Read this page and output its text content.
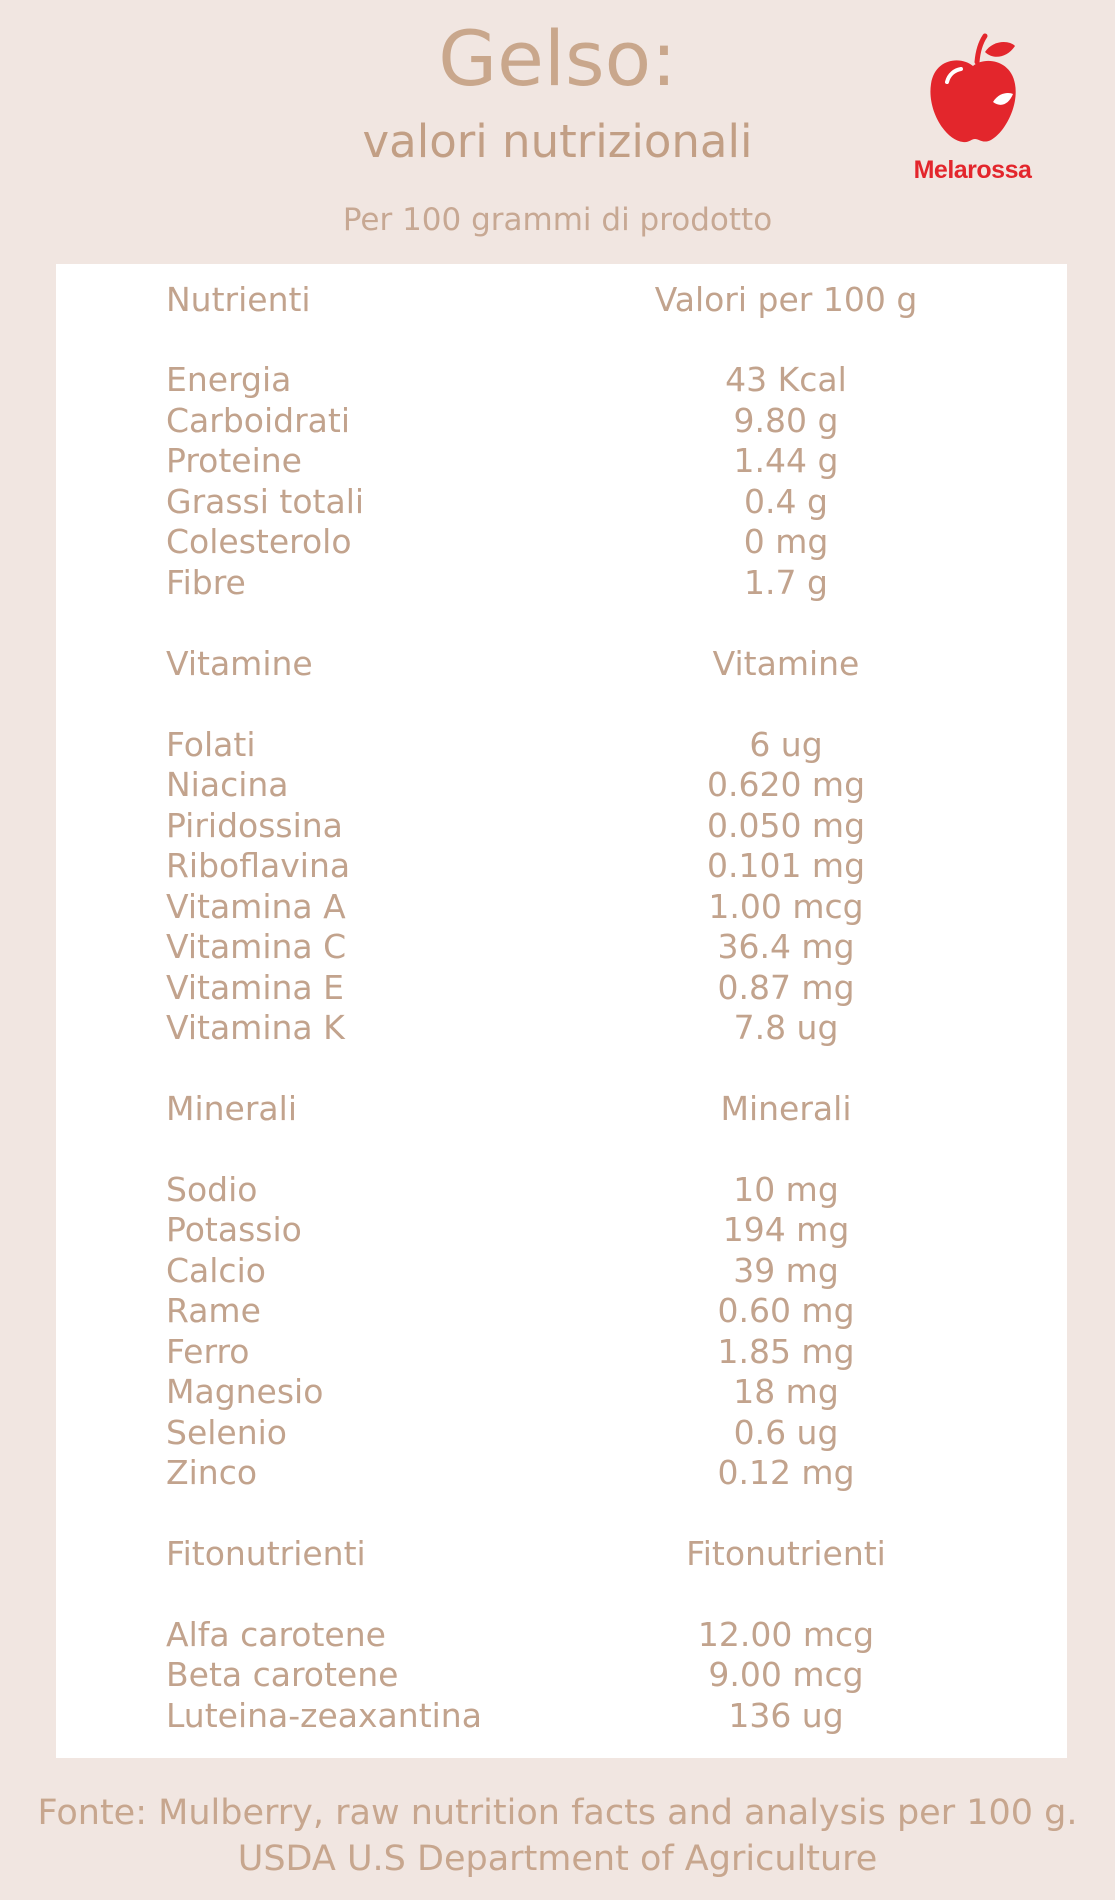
Gelso:
valori nutrizionali
Per 100 grammi di prodotto
Melarossa
Nutrienti	Valori per 100 g
Energia	43 Kcal
Carboidrati	9.80 g
Proteine	1.44 g
Grassi totali	0.4 g
Colesterolo	0 mg
Fibre	1.7 g
Vitamine	Vitamine
Folati	6 ug
Niacina	0.620 mg
Piridossina	0.050 mg
Riboflavina	0.101 mg
Vitamina A	1.00 mcg
Vitamina C	36.4 mg
Vitamina E	0.87 mg
Vitamina K	7.8 ug
Minerali	Minerali
Sodio	10 mg
Potassio	194 mg
Calcio	39 mg
Rame	0.60 mg
Ferro	1.85 mg
Magnesio	18 mg
Selenio	0.6 ug
Zinco	0.12 mg
Fitonutrienti	Fitonutrienti
Alfa carotene	12.00 mcg
Beta carotene	9.00 mcg
Luteina-zeaxantina	136 ug
Fonte: Mulberry, raw nutrition facts and analysis per 100 g.
USDA U.S Department of Agriculture
